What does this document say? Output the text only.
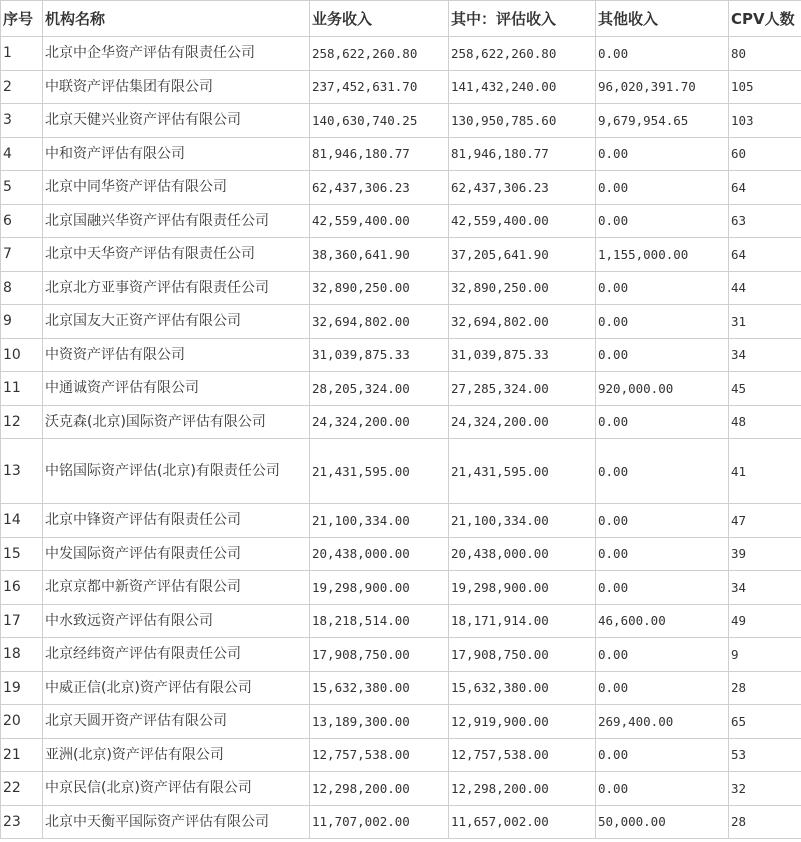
序号	机构名称	业务收入	其中：评估收入	其他收入	CPV人数
1	北京中企华资产评估有限责任公司	258,622,260.80	258,622,260.80	0.00	80
2	中联资产评估集团有限公司	237,452,631.70	141,432,240.00	96,020,391.70	105
3	北京天健兴业资产评估有限公司	140,630,740.25	130,950,785.60	9,679,954.65	103
4	中和资产评估有限公司	81,946,180.77	81,946,180.77	0.00	60
5	北京中同华资产评估有限公司	62,437,306.23	62,437,306.23	0.00	64
6	北京国融兴华资产评估有限责任公司	42,559,400.00	42,559,400.00	0.00	63
7	北京中天华资产评估有限责任公司	38,360,641.90	37,205,641.90	1,155,000.00	64
8	北京北方亚事资产评估有限责任公司	32,890,250.00	32,890,250.00	0.00	44
9	北京国友大正资产评估有限公司	32,694,802.00	32,694,802.00	0.00	31
10	中资资产评估有限公司	31,039,875.33	31,039,875.33	0.00	34
11	中通诚资产评估有限公司	28,205,324.00	27,285,324.00	920,000.00	45
12	沃克森(北京)国际资产评估有限公司	24,324,200.00	24,324,200.00	0.00	48
13	中铭国际资产评估(北京)有限责任公司	21,431,595.00	21,431,595.00	0.00	41
14	北京中锋资产评估有限责任公司	21,100,334.00	21,100,334.00	0.00	47
15	中发国际资产评估有限责任公司	20,438,000.00	20,438,000.00	0.00	39
16	北京京都中新资产评估有限公司	19,298,900.00	19,298,900.00	0.00	34
17	中水致远资产评估有限公司	18,218,514.00	18,171,914.00	46,600.00	49
18	北京经纬资产评估有限责任公司	17,908,750.00	17,908,750.00	0.00	9
19	中威正信(北京)资产评估有限公司	15,632,380.00	15,632,380.00	0.00	28
20	北京天圆开资产评估有限公司	13,189,300.00	12,919,900.00	269,400.00	65
21	亚洲(北京)资产评估有限公司	12,757,538.00	12,757,538.00	0.00	53
22	中京民信(北京)资产评估有限公司	12,298,200.00	12,298,200.00	0.00	32
23	北京中天衡平国际资产评估有限公司	11,707,002.00	11,657,002.00	50,000.00	28
